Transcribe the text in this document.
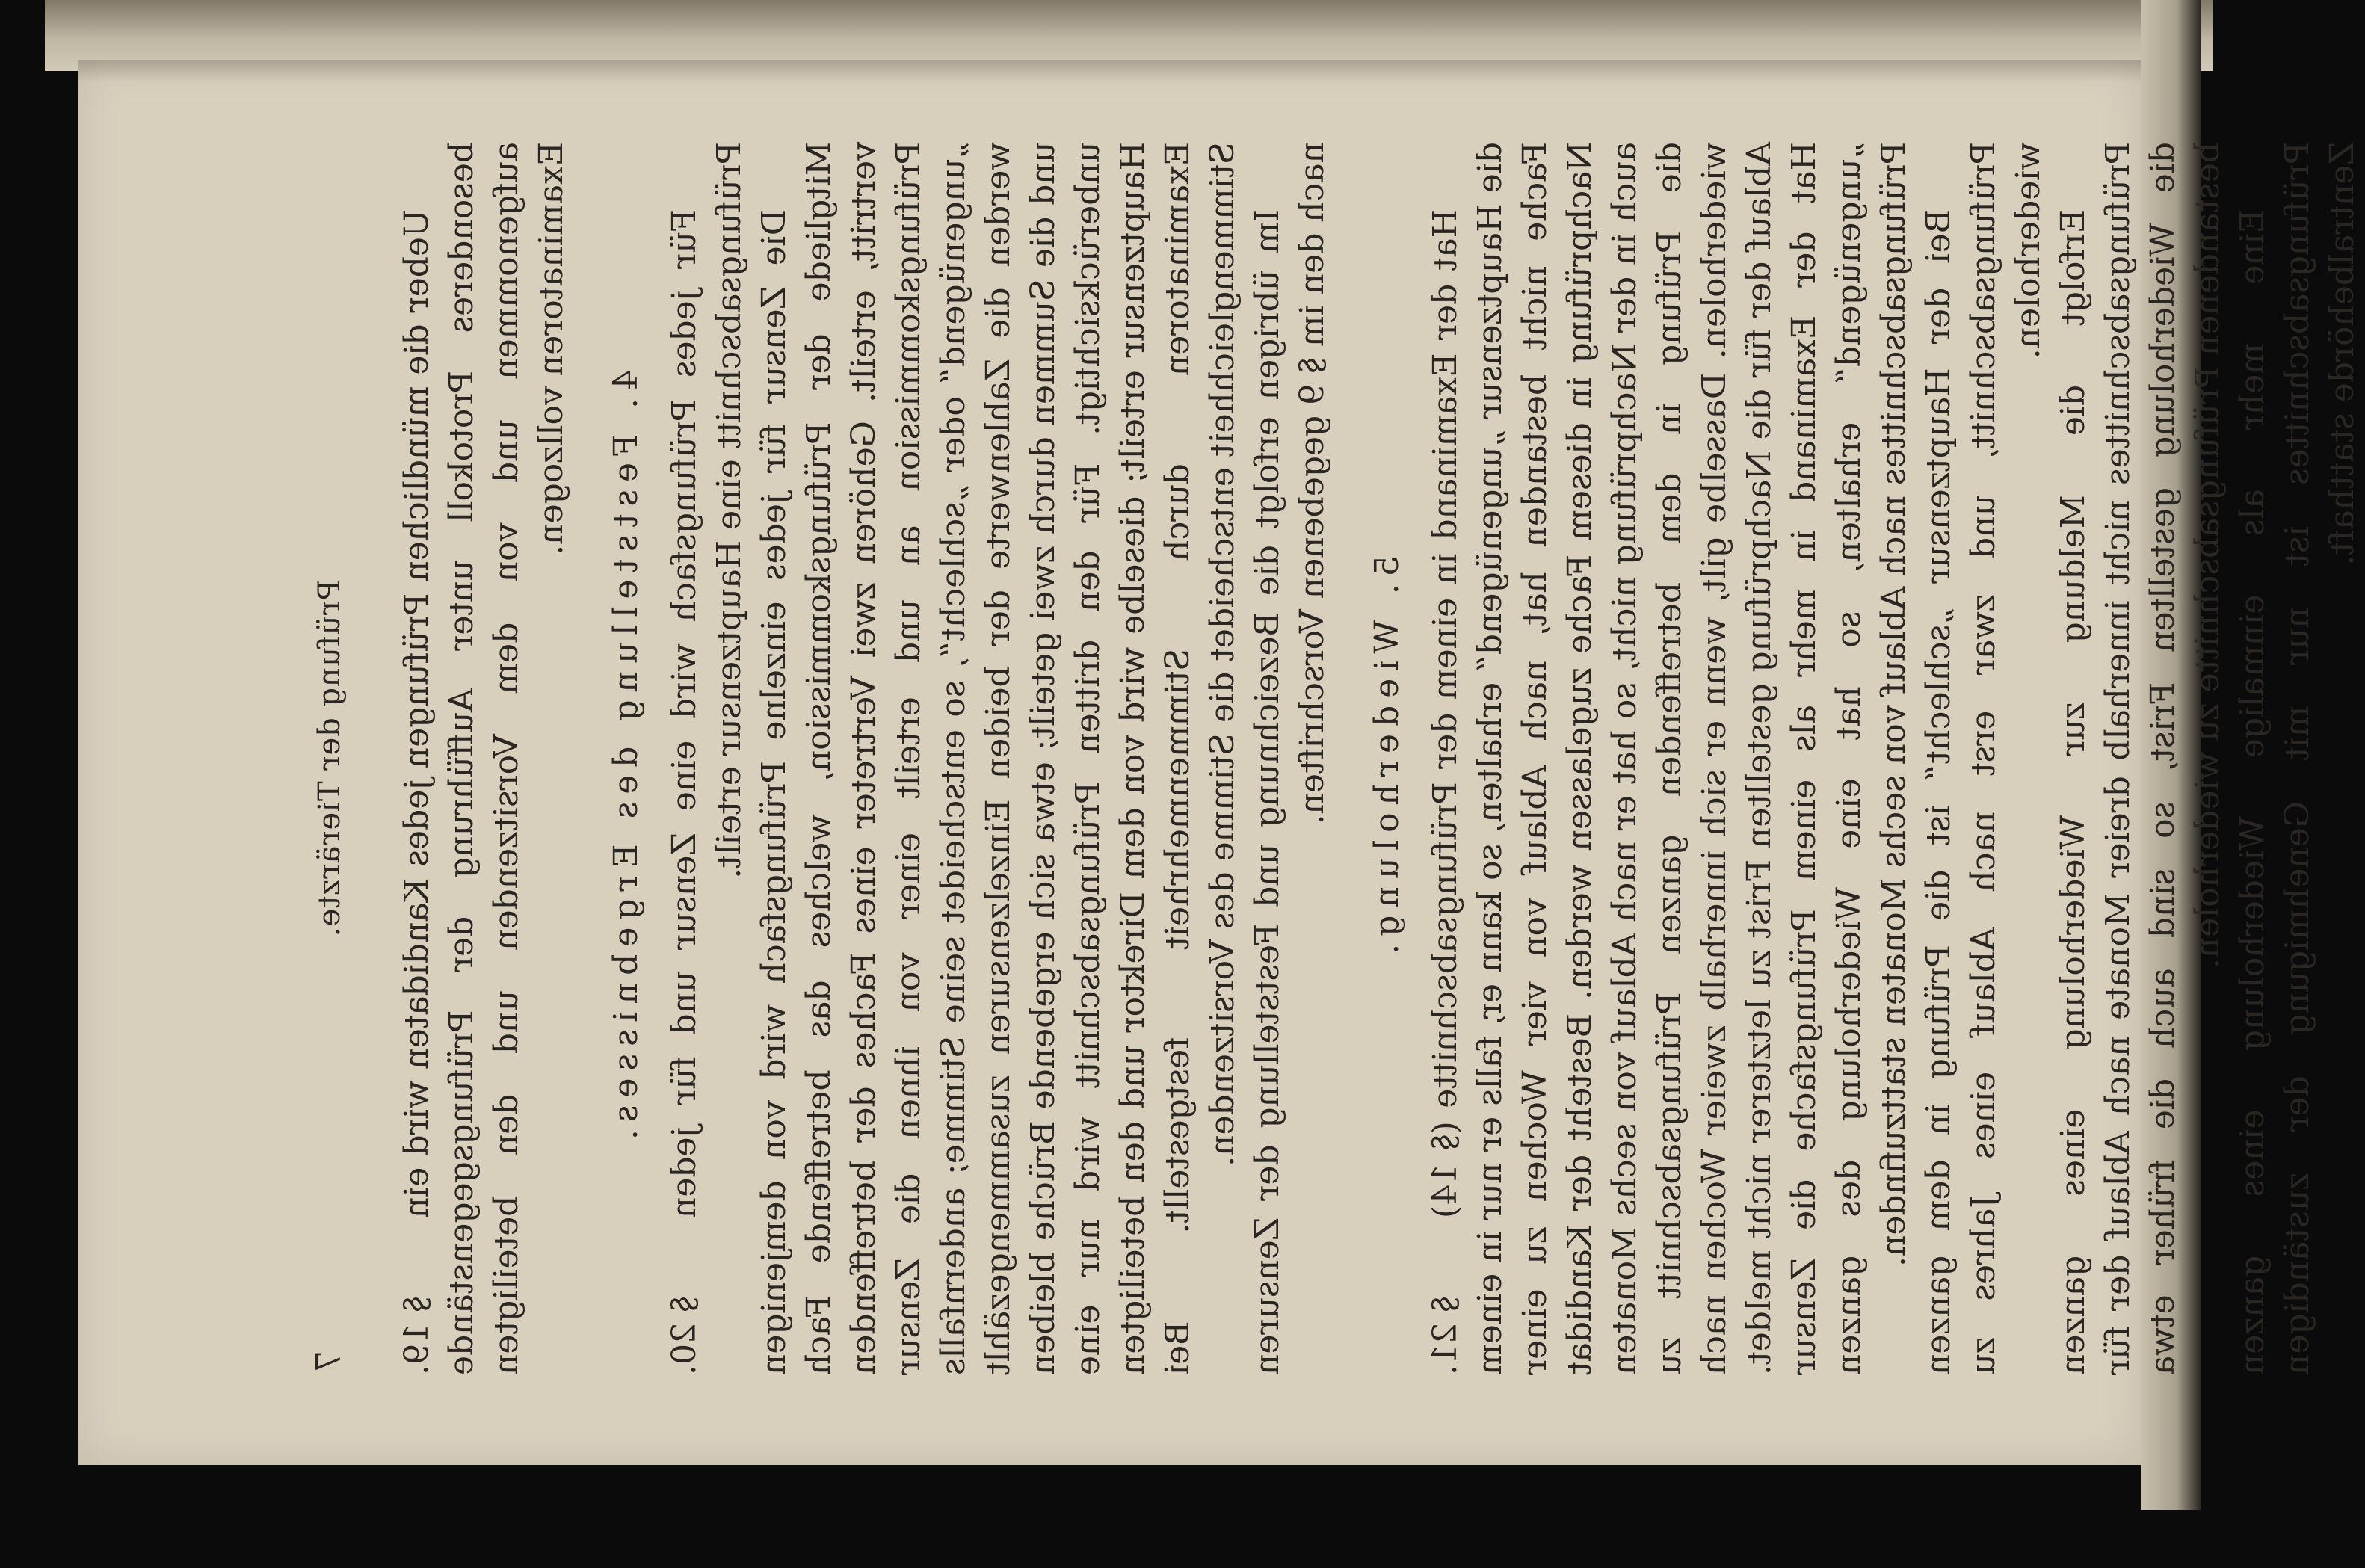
Prüfung der Tierärzte.
7 § 19.
Ueber die mündlichen Prüfungen jedes Kandidaten wird ein besonderes Protokoll unter Aufführung der Prüfungsgegenstände aufgenommen und von dem Vorsitzenden und den beteiligten Examinatoren vollzogen.

4. Feststellung des Ergebnisses.

§ 20.
Für jedes Prüfungsfach wird eine Zensur und für jeden Prüfungsabschnitt eine Hauptzensur erteilt. Die Zensur für jedes einzelne Prüfungsfach wird von demjenigen Mitgliede der Prüfungskommission, welches das betreffende Fach vertritt, erteilt. Gehören zwei Vertreter eines Faches der betreffenden Prüfungskommission an und erteilt einer von ihnen die Zensur „ungenügend“ oder „schlecht“, so entscheidet seine Stimme; andernfalls werden die Zahlenwerte der beiden Einzelzensuren zusammengezählt und die Summen durch zwei geteilt; etwa sich ergebende Brüche bleiben unberücksichtigt. Für den dritten Prüfungsabschnitt wird nur eine Hauptzensur erteilt; dieselbe wird von dem Direktor und den beteiligten Examinatoren durch Stimmenmehrheit festgestellt. Bei Stimmengleichheit entscheidet die Stimme des Vorsitzenden. Im übrigen erfolgt die Bezeichnung und Feststellung der Zensuren nach den im § 9 gegebenen Vorschriften. 5. Wiederholung.

§ 21.
Hat der Examinand in einem der Prüfungsabschnitte (§ 14) die Hauptzensur „ungenügend“ erhalten, so kann er, falls er nur in einem Fache nicht bestanden hat, nach Ablauf von vier Wochen zu einer Nachprüfung in diesem Fache zugelassen werden. Besteht der Kandidat auch in der Nachprüfung nicht, so hat er nach Ablauf von sechs Monaten die Prüfung in dem betreffenden ganzen Prüfungsabschnitt zu wiederholen. Dasselbe gilt, wenn er sich innerhalb zweier Wochen nach Ablauf der für die Nachprüfung gestellten Frist zu letzterer nicht meldet. Hat der Examinand in mehr als einem Prüfungsfache die Zensur „ungenügend“ erhalten, so hat eine Wiederholung des ganzen Prüfungsabschnittes nach Ablauf von sechs Monaten stattzufinden. Bei der Hauptzensur „schlecht“ ist die Prüfung in dem ganzen Prüfungsabschnitt, und zwar erst nach Ablauf eines Jahres zu wiederholen. Erfolgt die Meldung zur Wiederholung eines ganzen Prüfungsabschnittes nicht innerhalb dreier Monate nach Ablauf der für die Wiederholung gestellten Frist, so sind auch die früher etwa bestandenen Prüfungsabschnitte zu wiederholen. Eine mehr als einmalige Wiederholung eines ganzen Prüfungsabschnittes ist nur mit Genehmigung der zuständigen Zentralbehörde statthaft.
